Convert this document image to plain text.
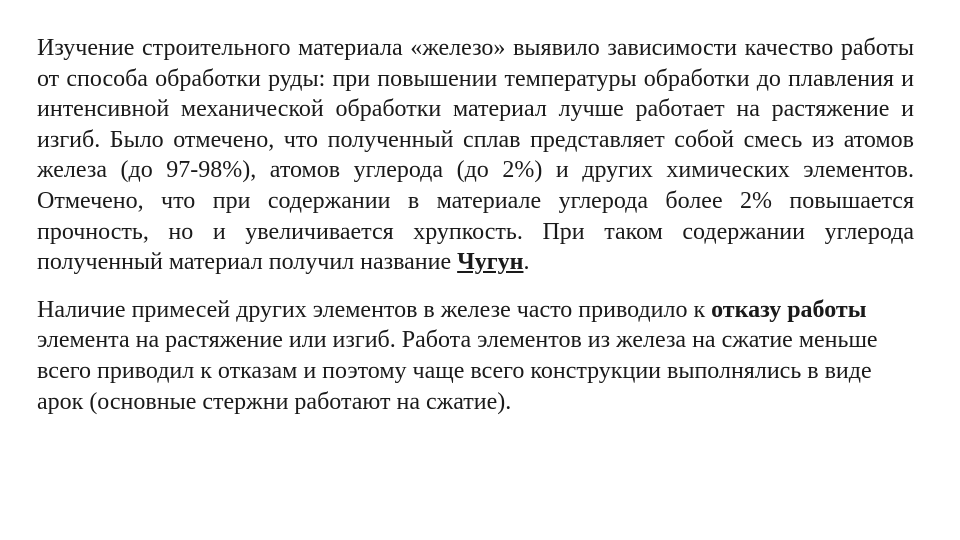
Изучение строительного материала «железо» выявило зависимости качество работы от способа обработки руды: при повышении температуры обработки до плавления и интенсивной механической обработки материал лучше работает на растяжение и изгиб. Было отмечено, что полученный сплав представляет собой смесь из атомов железа (до 97-98%), атомов углерода (до 2%) и других химических элементов. Отмечено, что при содержании в материале углерода более 2% повышается прочность, но и увеличивается хрупкость. При таком содержании углерода полученный материал получил название Чугун.

Наличие примесей других элементов в железе часто приводило к отказу работы элемента на растяжение или изгиб. Работа элементов из железа на сжатие меньше всего приводил к отказам и поэтому чаще всего конструкции выполнялись в виде арок (основные стержни работают на сжатие).
